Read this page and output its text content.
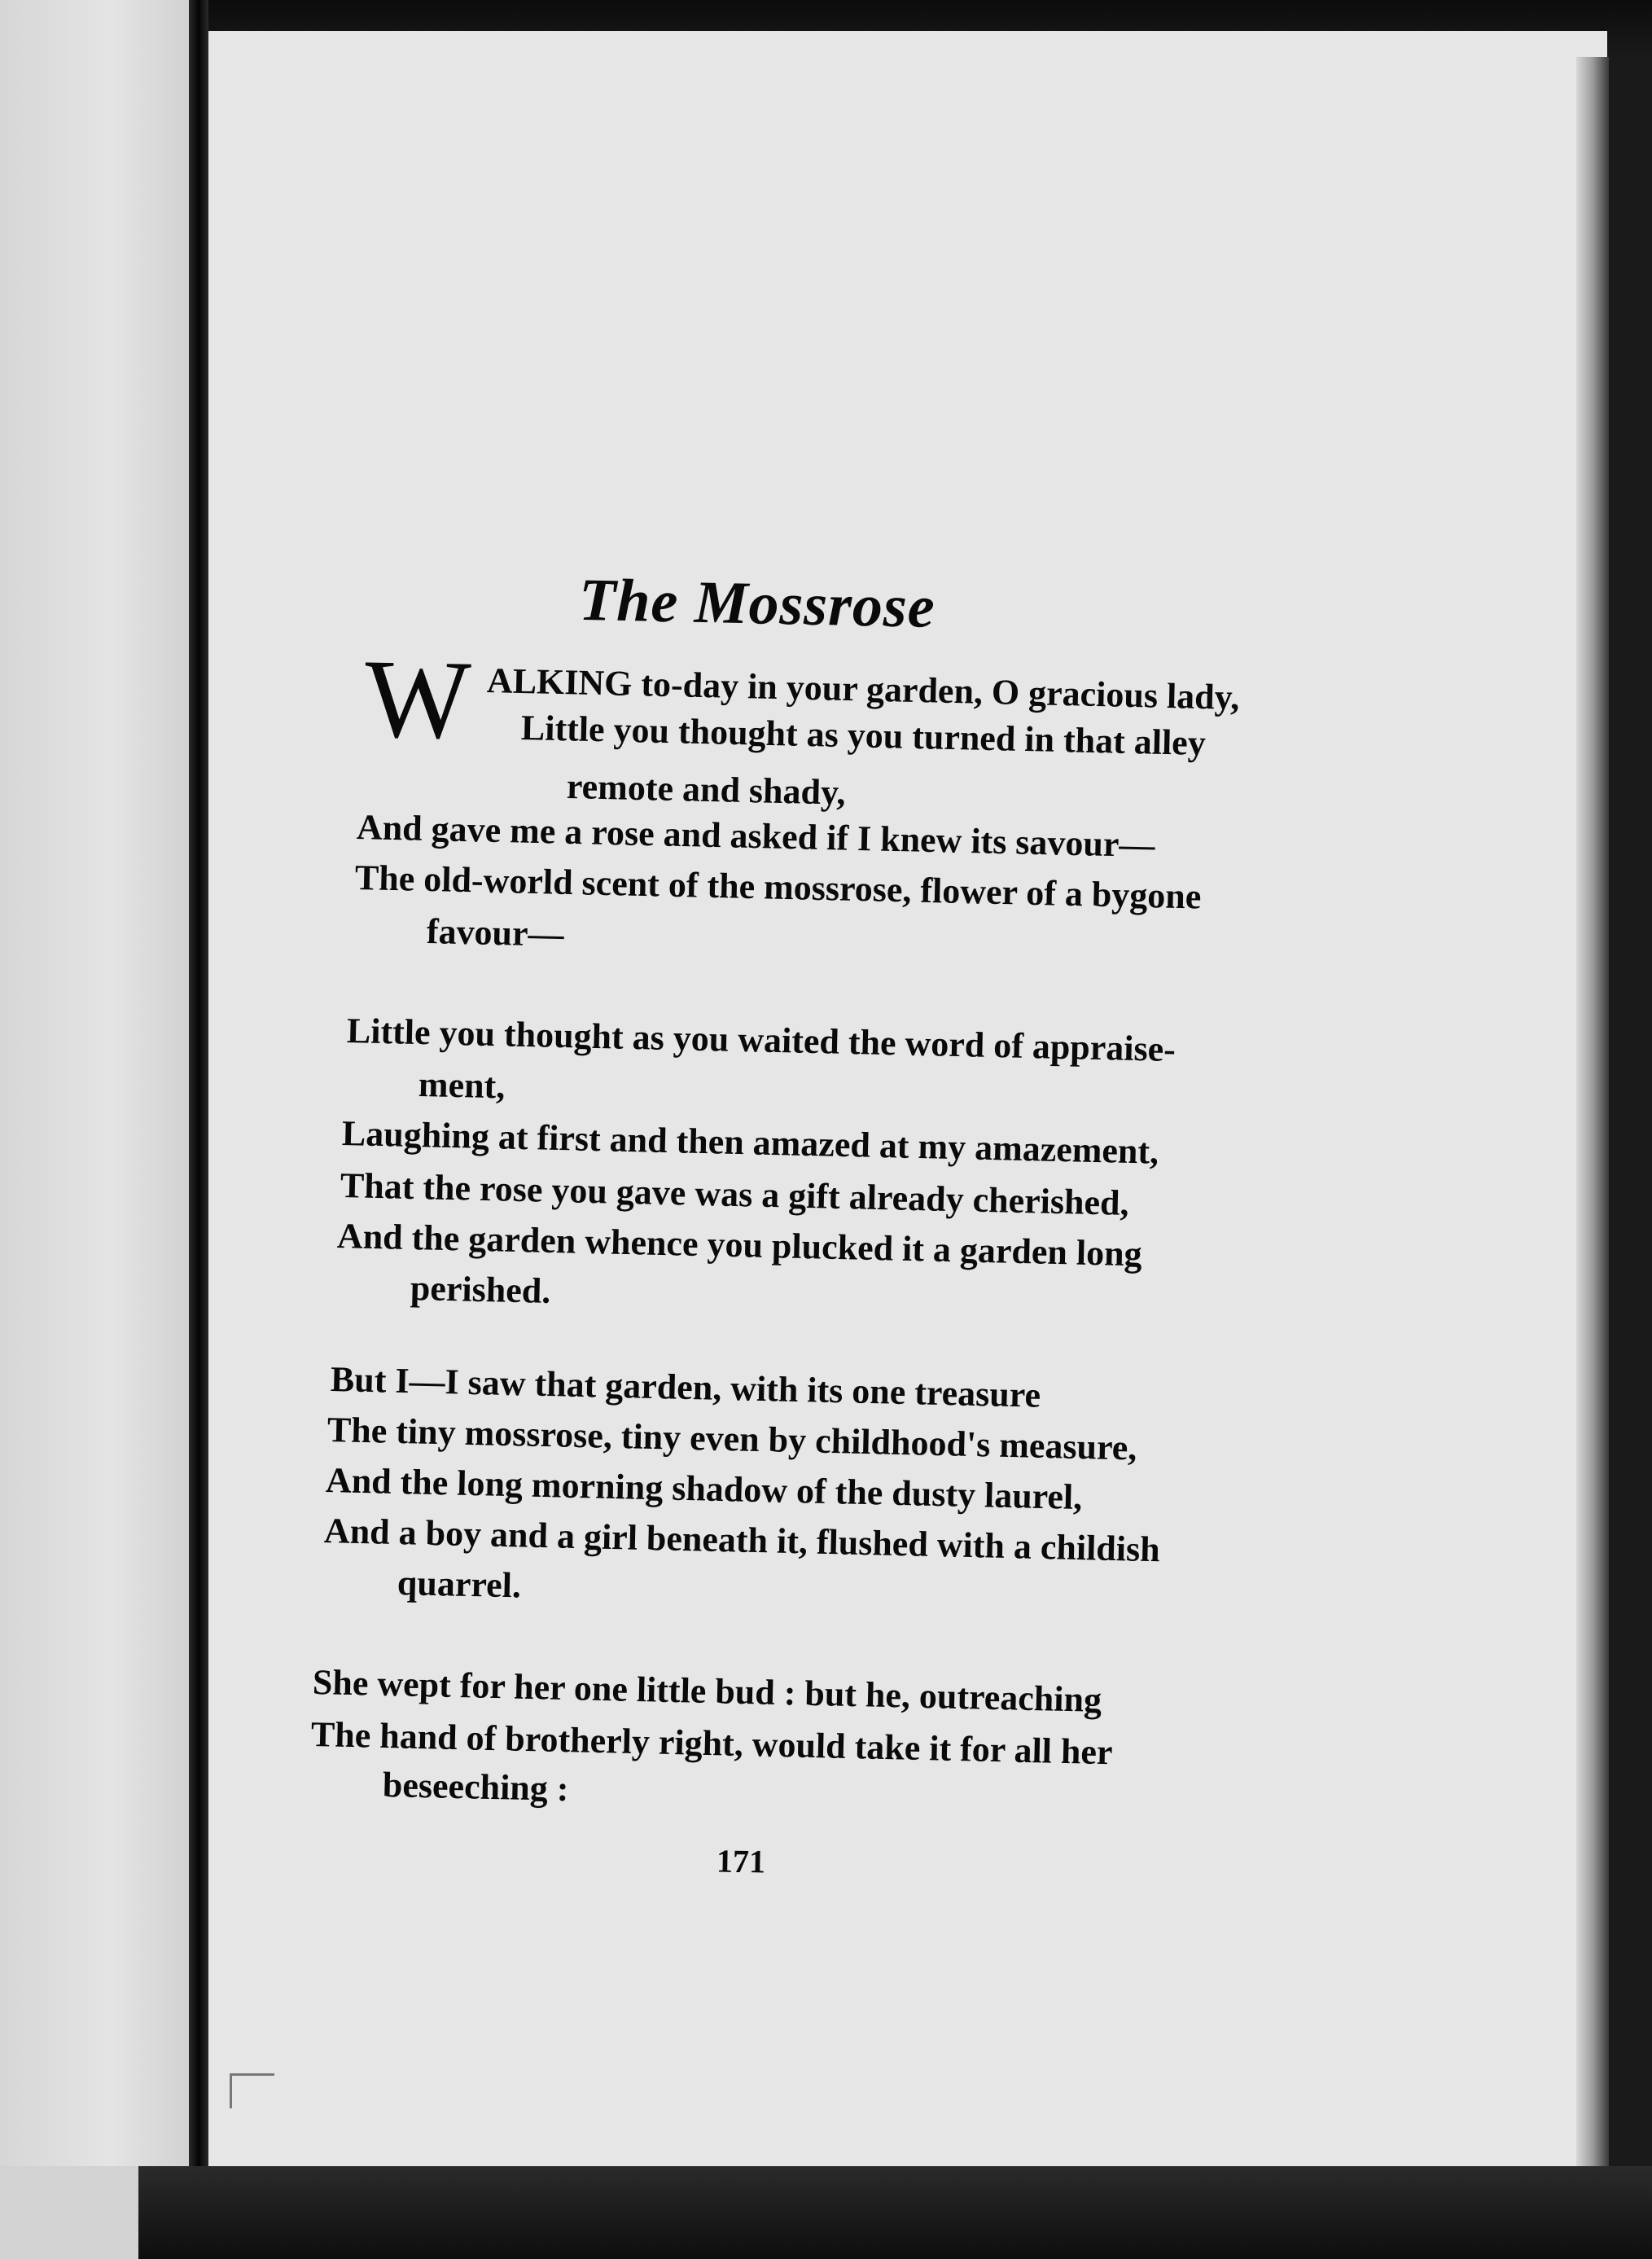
The Mossrose
W ALKING to-day in your garden, O gracious lady,

Little you thought as you turned in that alley

remote and shady,

And gave me a rose and asked if I knew its savour—

The old-world scent of the mossrose, flower of a bygone

favour—

Little you thought as you waited the word of appraise-

ment,

Laughing at first and then amazed at my amazement,

That the rose you gave was a gift already cherished,

And the garden whence you plucked it a garden long

perished.

But I—I saw that garden, with its one treasure

The tiny mossrose, tiny even by childhood's measure,

And the long morning shadow of the dusty laurel,

And a boy and a girl beneath it, flushed with a childish

quarrel.

She wept for her one little bud : but he, outreaching

The hand of brotherly right, would take it for all her

beseeching :

171
